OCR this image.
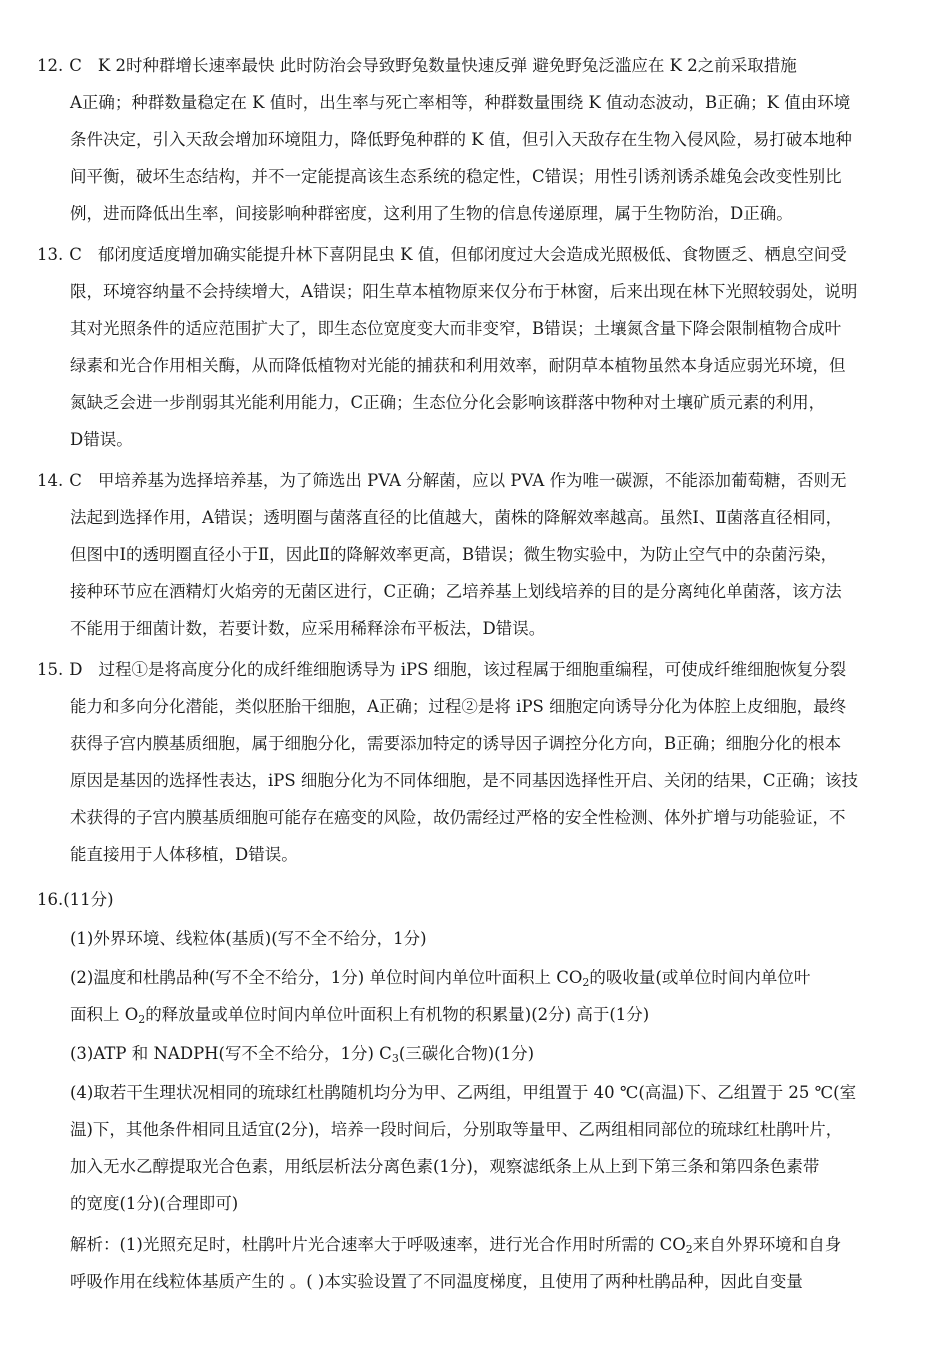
12. C K 2时种群增长速率最快 此时防治会导致野兔数量快速反弹 避免野兔泛滥应在 K 2之前采取措施
A正确；种群数量稳定在 K 值时，出生率与死亡率相等，种群数量围绕 K 值动态波动，B正确；K 值由环境
条件决定，引入天敌会增加环境阻力，降低野兔种群的 K 值，但引入天敌存在生物入侵风险，易打破本地种
间平衡，破坏生态结构，并不一定能提高该生态系统的稳定性，C错误；用性引诱剂诱杀雄兔会改变性别比
例，进而降低出生率，间接影响种群密度，这利用了生物的信息传递原理，属于生物防治，D正确。
13. C 郁闭度适度增加确实能提升林下喜阴昆虫 K 值，但郁闭度过大会造成光照极低、食物匮乏、栖息空间受
限，环境容纳量不会持续增大，A错误；阳生草本植物原来仅分布于林窗，后来出现在林下光照较弱处，说明
其对光照条件的适应范围扩大了，即生态位宽度变大而非变窄，B错误；土壤氮含量下降会限制植物合成叶
绿素和光合作用相关酶，从而降低植物对光能的捕获和利用效率，耐阴草本植物虽然本身适应弱光环境，但
氮缺乏会进一步削弱其光能利用能力，C正确；生态位分化会影响该群落中物种对土壤矿质元素的利用，
D错误。
14. C 甲培养基为选择培养基，为了筛选出 PVA 分解菌，应以 PVA 作为唯一碳源，不能添加葡萄糖，否则无
法起到选择作用，A错误；透明圈与菌落直径的比值越大，菌株的降解效率越高。虽然Ⅰ、Ⅱ菌落直径相同，
但图中Ⅰ的透明圈直径小于Ⅱ，因此Ⅱ的降解效率更高，B错误；微生物实验中，为防止空气中的杂菌污染，
接种环节应在酒精灯火焰旁的无菌区进行，C正确；乙培养基上划线培养的目的是分离纯化单菌落，该方法
不能用于细菌计数，若要计数，应采用稀释涂布平板法，D错误。
15. D 过程①是将高度分化的成纤维细胞诱导为 iPS 细胞，该过程属于细胞重编程，可使成纤维细胞恢复分裂
能力和多向分化潜能，类似胚胎干细胞，A正确；过程②是将 iPS 细胞定向诱导分化为体腔上皮细胞，最终
获得子宫内膜基质细胞，属于细胞分化，需要添加特定的诱导因子调控分化方向，B正确；细胞分化的根本
原因是基因的选择性表达，iPS 细胞分化为不同体细胞，是不同基因选择性开启、关闭的结果，C正确；该技
术获得的子宫内膜基质细胞可能存在癌变的风险，故仍需经过严格的安全性检测、体外扩增与功能验证，不
能直接用于人体移植，D错误。
16.(11分)
(1)外界环境、线粒体(基质)(写不全不给分，1分)
(2)温度和杜鹃品种(写不全不给分，1分) 单位时间内单位叶面积上 $CO_2$的吸收量(或单位时间内单位叶
面积上 $O_2$的释放量或单位时间内单位叶面积上有机物的积累量)(2分) 高于(1分)
(3)ATP 和 NADPH(写不全不给分，1分) $C_3$(三碳化合物)(1分)
(4)取若干生理状况相同的琉球红杜鹃随机均分为甲、乙两组，甲组置于 40 ℃(高温)下、乙组置于 25 ℃(室
温)下，其他条件相同且适宜(2分)，培养一段时间后，分别取等量甲、乙两组相同部位的琉球红杜鹃叶片，
加入无水乙醇提取光合色素，用纸层析法分离色素(1分)，观察滤纸条上从上到下第三条和第四条色素带
的宽度(1分)(合理即可)
解析：(1)光照充足时，杜鹃叶片光合速率大于呼吸速率，进行光合作用时所需的 $CO_2$来自外界环境和自身
呼吸作用在线粒体基质产生的 。( )本实验设置了不同温度梯度，且使用了两种杜鹃品种，因此自变量
